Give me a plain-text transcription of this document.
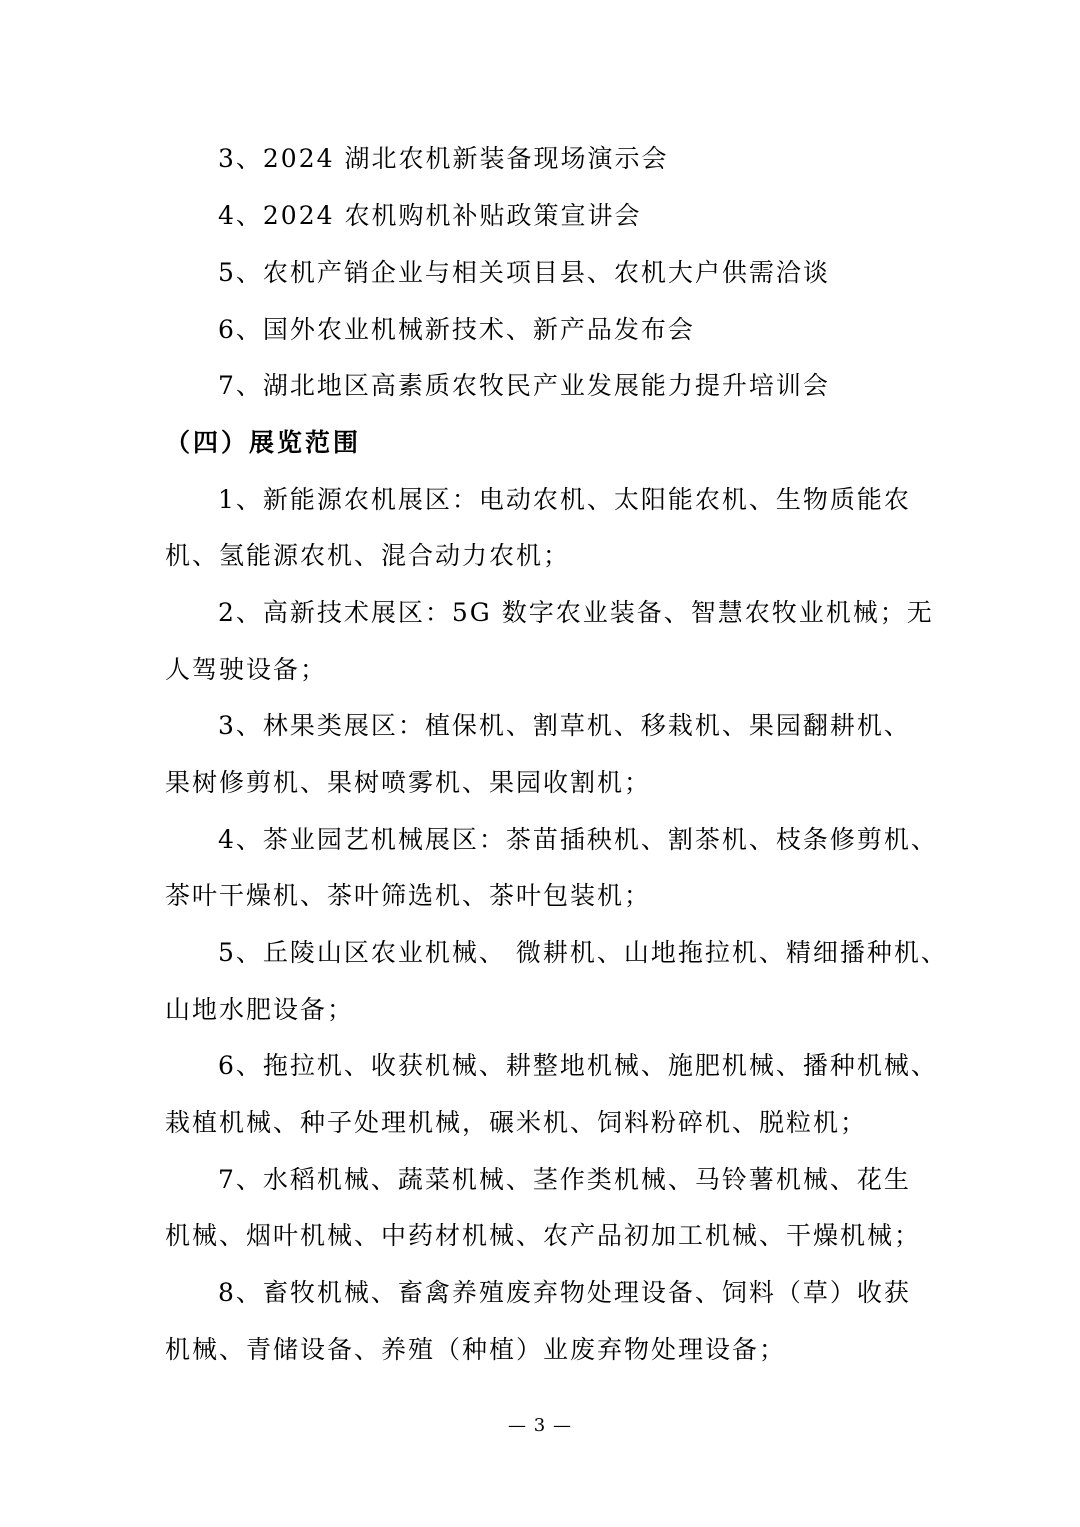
3、2024 湖北农机新装备现场演示会
4、2024 农机购机补贴政策宣讲会
5、农机产销企业与相关项目县、农机大户供需洽谈
6、国外农业机械新技术、新产品发布会
7、湖北地区高素质农牧民产业发展能力提升培训会
（四）展览范围
1、新能源农机展区：电动农机、太阳能农机、生物质能农
机、氢能源农机、混合动力农机；
2、高新技术展区：5G 数字农业装备、智慧农牧业机械；无
人驾驶设备；
3、林果类展区：植保机、割草机、移栽机、果园翻耕机、
果树修剪机、果树喷雾机、果园收割机；
4、茶业园艺机械展区：茶苗插秧机、割茶机、枝条修剪机、
茶叶干燥机、茶叶筛选机、茶叶包装机；
5、丘陵山区农业机械、 微耕机、山地拖拉机、精细播种机、
山地水肥设备；
6、拖拉机、收获机械、耕整地机械、施肥机械、播种机械、
栽植机械、种子处理机械，碾米机、饲料粉碎机、脱粒机；
7、水稻机械、蔬菜机械、茎作类机械、马铃薯机械、花生
机械、烟叶机械、中药材机械、农产品初加工机械、干燥机械；
8、畜牧机械、畜禽养殖废弃物处理设备、饲料（草）收获
机械、青储设备、养殖（种植）业废弃物处理设备；
— 3 —
